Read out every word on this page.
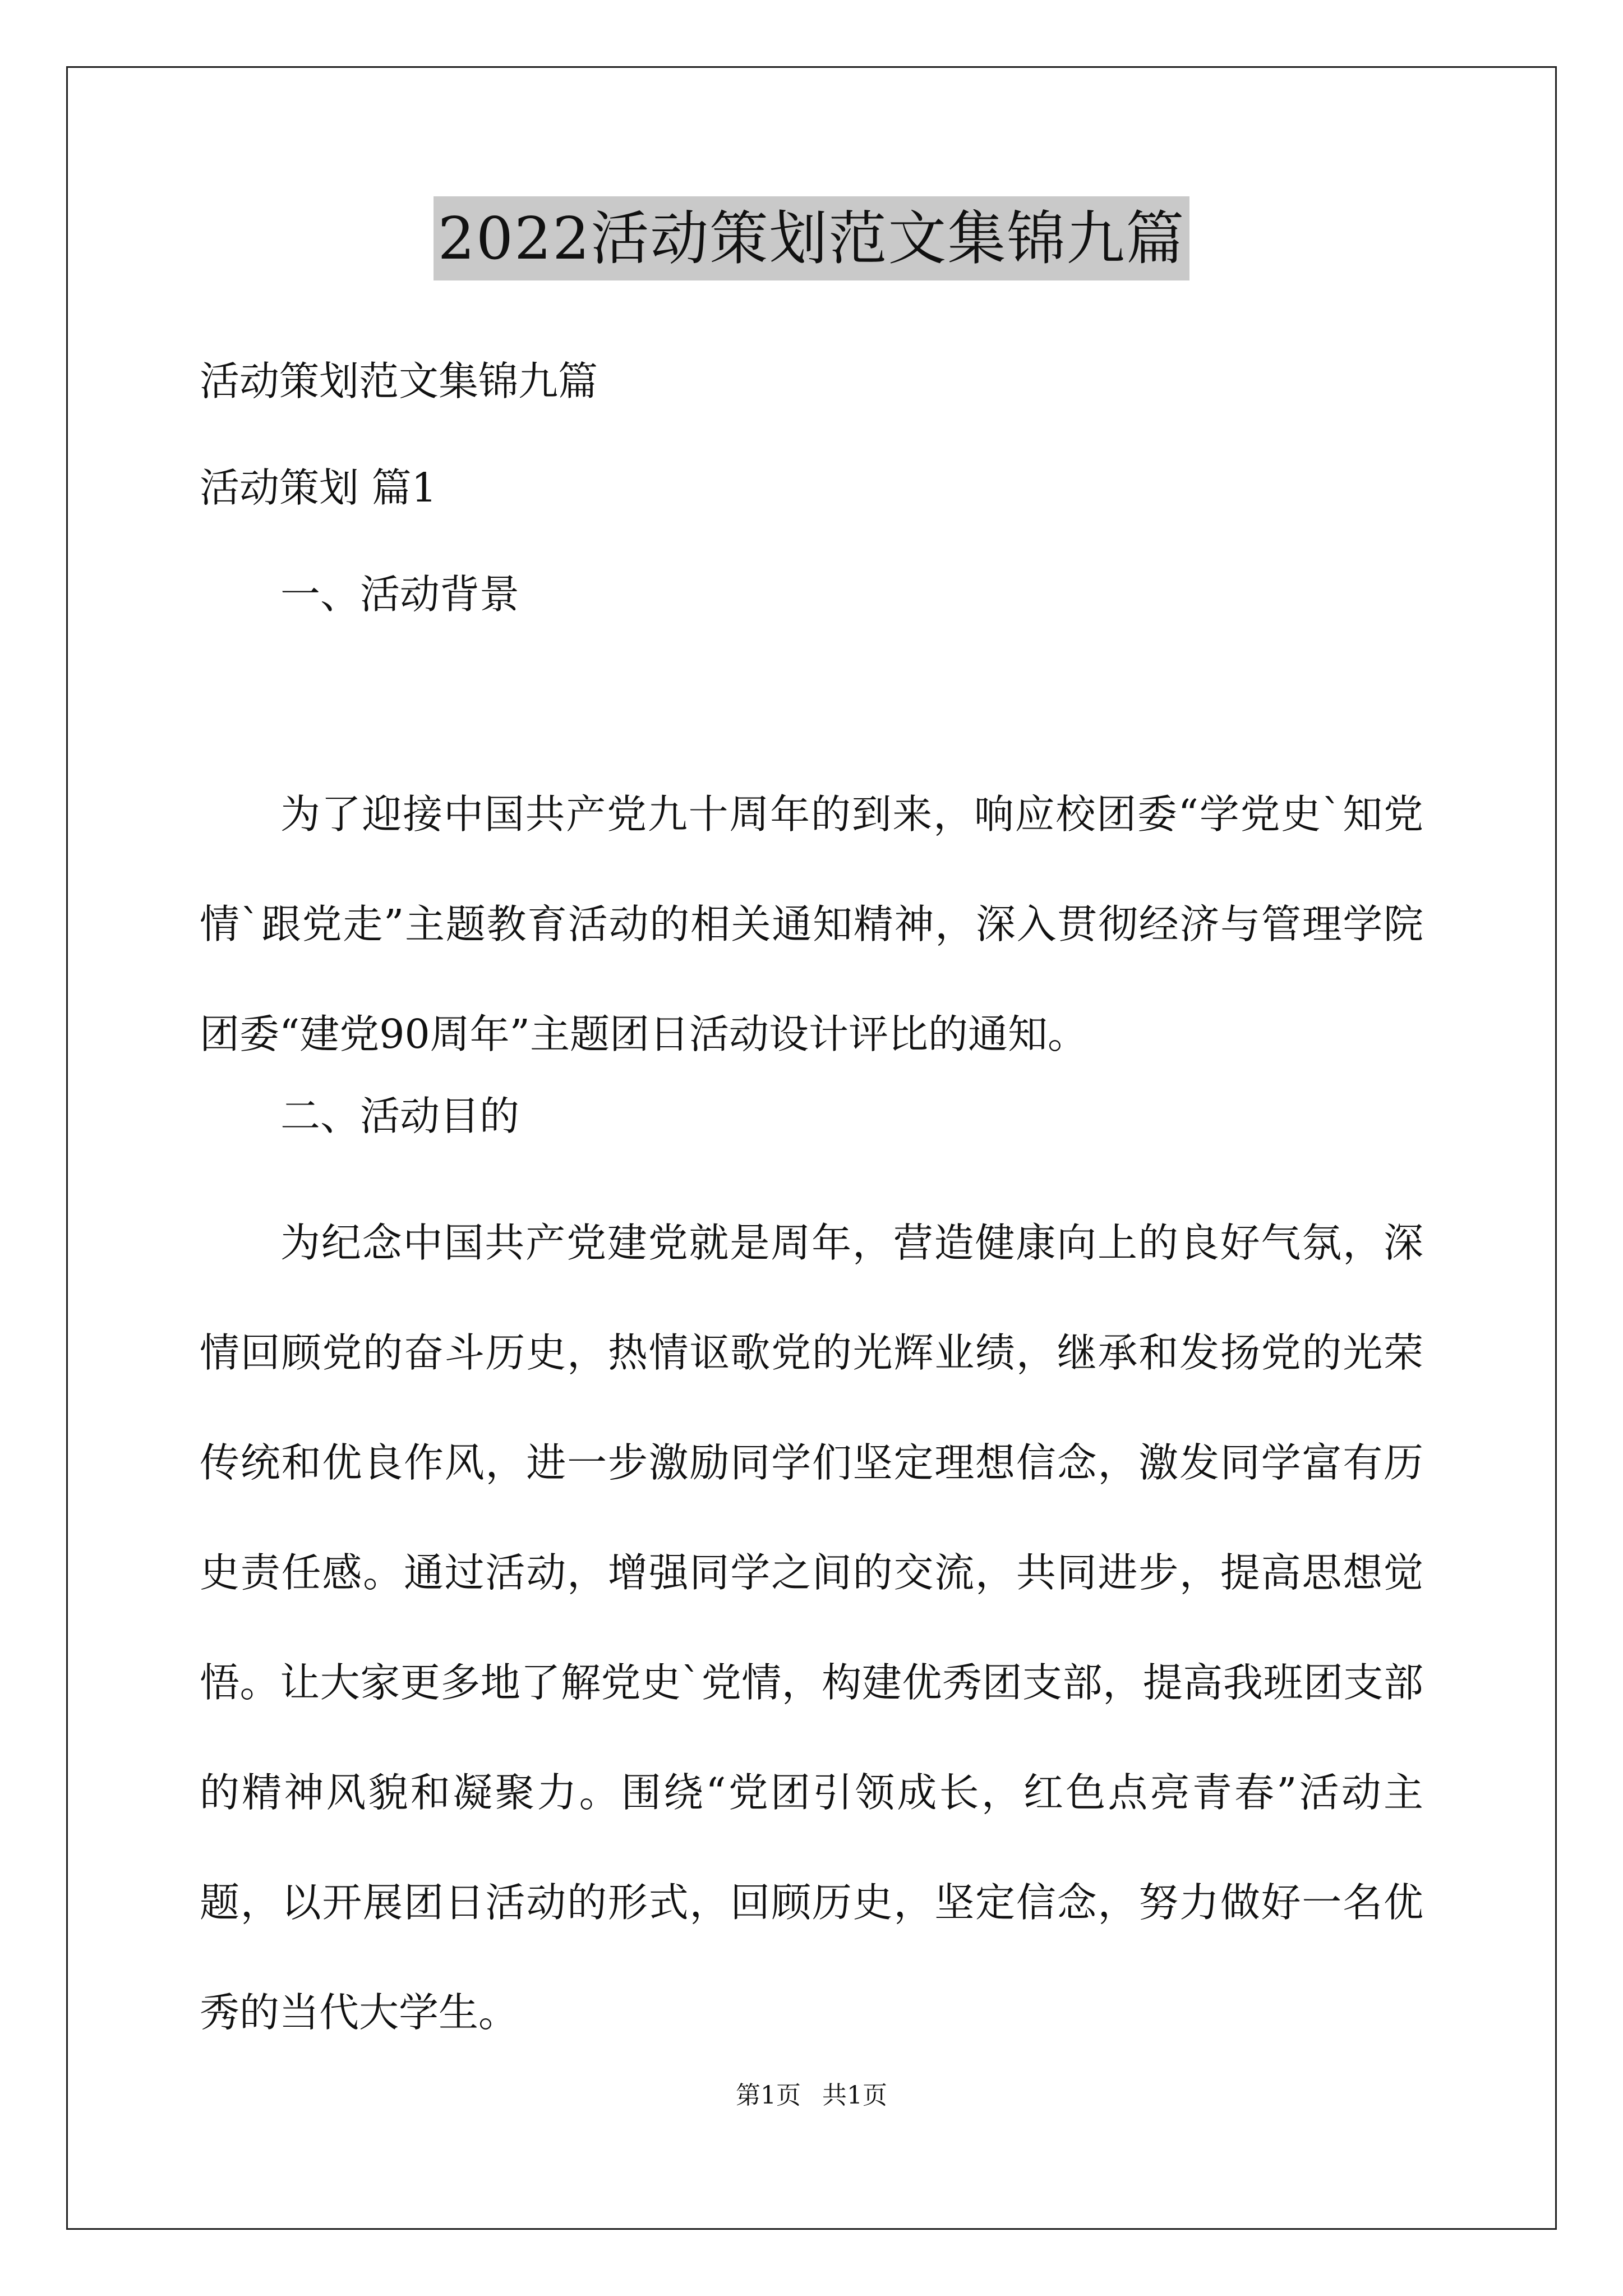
2022活动策划范文集锦九篇
活动策划范文集锦九篇
活动策划 篇1
一、活动背景
为了迎接中国共产党九十周年的到来，响应校团委“学党史`知党情`跟党走”主题教育活动的相关通知精神，深入贯彻经济与管理学院团委“建党90周年”主题团日活动设计评比的通知。
二、活动目的
为纪念中国共产党建党就是周年，营造健康向上的良好气氛，深情回顾党的奋斗历史，热情讴歌党的光辉业绩，继承和发扬党的光荣传统和优良作风，进一步激励同学们坚定理想信念，激发同学富有历史责任感。通过活动，增强同学之间的交流，共同进步，提高思想觉悟。让大家更多地了解党史`党情，构建优秀团支部，提高我班团支部的精神风貌和凝聚力。围绕“党团引领成长，红色点亮青春”活动主题，以开展团日活动的形式，回顾历史，坚定信念，努力做好一名优秀的当代大学生。
第1页 共1页
